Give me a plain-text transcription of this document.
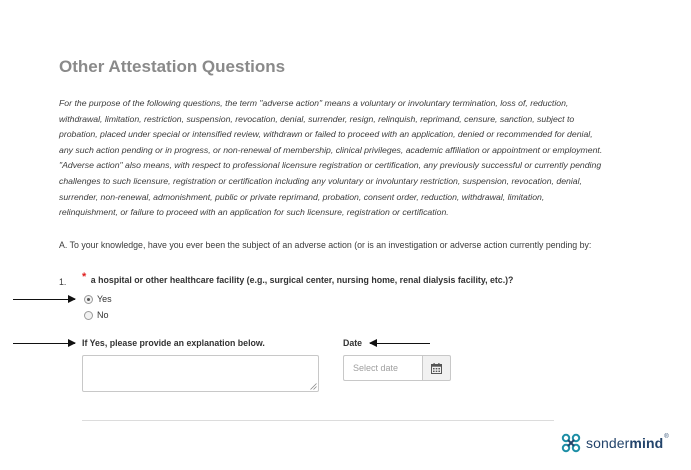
Other Attestation Questions
For the purpose of the following questions, the term "adverse action" means a voluntary or involuntary termination, loss of, reduction, withdrawal, limitation, restriction, suspension, revocation, denial, surrender, resign, relinquish, reprimand, censure, sanction, subject to probation, placed under special or intensified review, withdrawn or failed to proceed with an application, denied or recommended for denial, any such action pending or in progress, or non-renewal of membership, clinical privileges, academic affiliation or appointment or employment. "Adverse action" also means, with respect to professional licensure registration or certification, any previously successful or currently pending challenges to such licensure, registration or certification including any voluntary or involuntary restriction, suspension, revocation, denial, surrender, non-renewal, admonishment, public or private reprimand, probation, consent order, reduction, withdrawal, limitation, relinquishment, or failure to proceed with an application for such licensure, registration or certification.
A. To your knowledge, have you ever been the subject of an adverse action (or is an investigation or adverse action currently pending by:
1. * a hospital or other healthcare facility (e.g., surgical center, nursing home, renal dialysis facility, etc.)?
Yes
No
If Yes, please provide an explanation below.	Date
Select date
sondermind ®
